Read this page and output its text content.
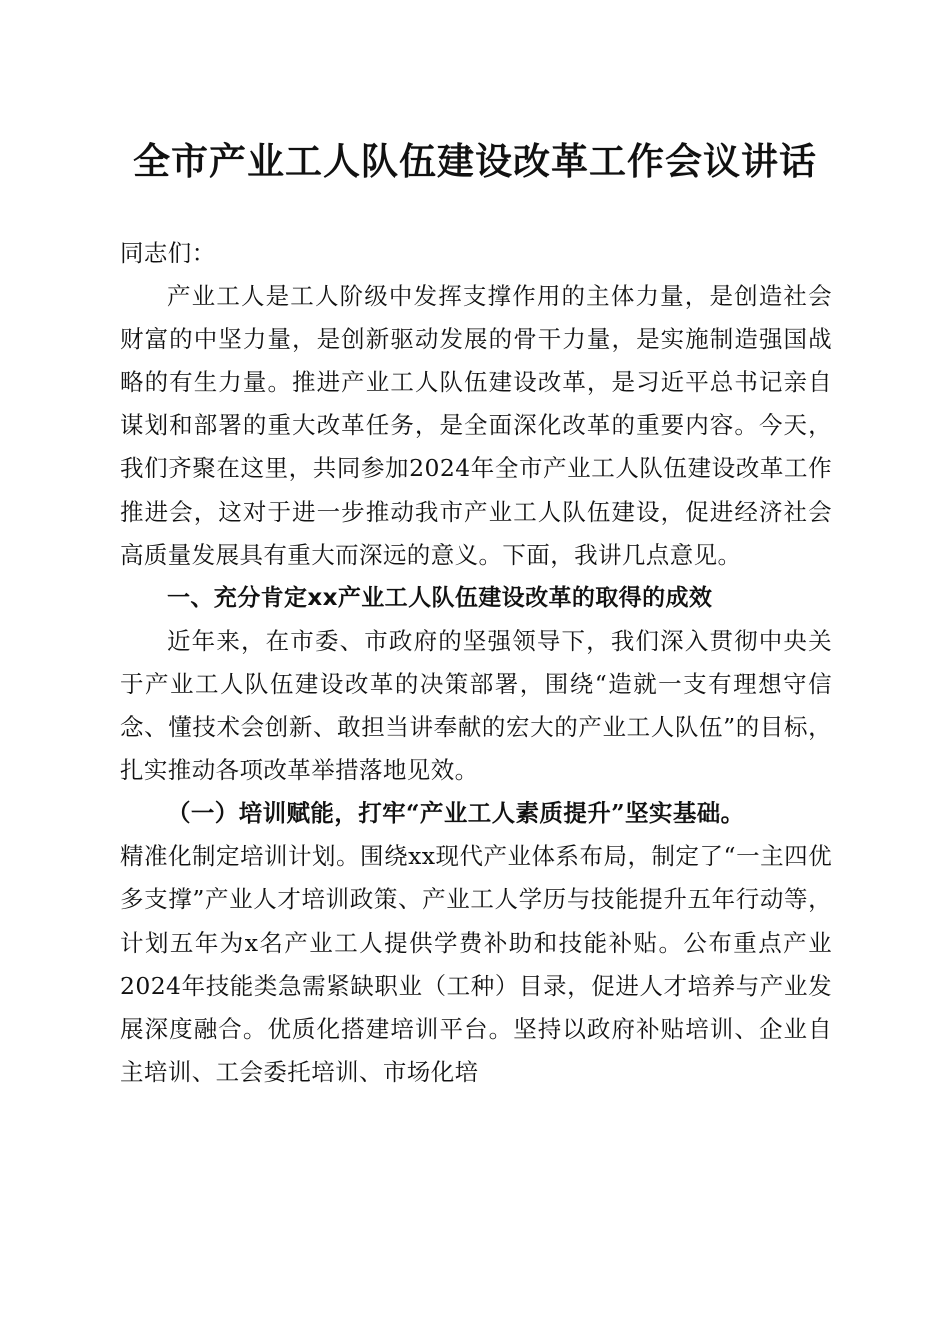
全市产业工人队伍建设改革工作会议讲话

同志们：

产业工人是工人阶级中发挥支撑作用的主体力量，是创造社会财富的中坚力量，是创新驱动发展的骨干力量，是实施制造强国战略的有生力量。推进产业工人队伍建设改革，是习近平总书记亲自谋划和部署的重大改革任务，是全面深化改革的重要内容。今天，我们齐聚在这里，共同参加2024年全市产业工人队伍建设改革工作推进会，这对于进一步推动我市产业工人队伍建设，促进经济社会高质量发展具有重大而深远的意义。下面，我讲几点意见。

一、充分肯定xx产业工人队伍建设改革的取得的成效

近年来，在市委、市政府的坚强领导下，我们深入贯彻中央关于产业工人队伍建设改革的决策部署，围绕“造就一支有理想守信念、懂技术会创新、敢担当讲奉献的宏大的产业工人队伍”的目标，扎实推动各项改革举措落地见效。

（一）培训赋能，打牢“产业工人素质提升”坚实基础。

精准化制定培训计划。围绕xx现代产业体系布局，制定了“一主四优多支撑”产业人才培训政策、产业工人学历与技能提升五年行动等，计划五年为x名产业工人提供学费补助和技能补贴。公布重点产业2024年技能类急需紧缺职业（工种）目录，促进人才培养与产业发展深度融合。优质化搭建培训平台。坚持以政府补贴培训、企业自主培训、工会委托培训、市场化培
